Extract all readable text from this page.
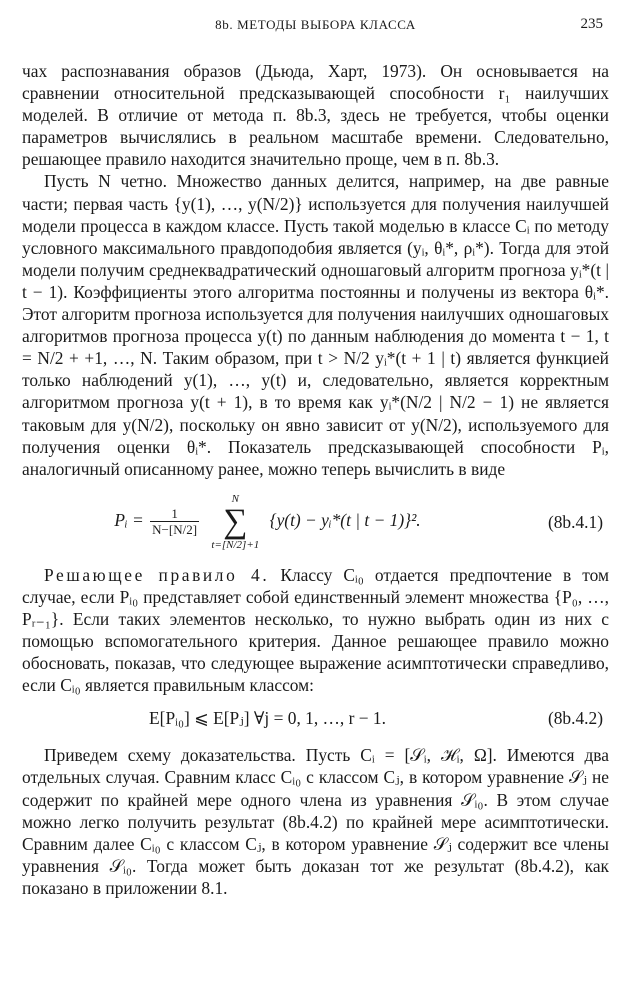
8b. МЕТОДЫ ВЫБОРА КЛАССА	235

чах распознавания образов (Дьюда, Харт, 1973). Он основывается на сравнении относительной предсказывающей способности r₁ наилучших моделей. В отличие от метода п. 8b.3, здесь не требуется, чтобы оценки параметров вычислялись в реальном масштабе времени. Следовательно, решающее правило находится значительно проще, чем в п. 8b.3.

Пусть N четно. Множество данных делится, например, на две равные части; первая часть {y(1), …, y(N/2)} используется для получения наилучшей модели процесса в каждом классе. Пусть такой моделью в классе Cᵢ по методу условного максимального правдоподобия является (yᵢ, θᵢ*, ρᵢ*). Тогда для этой модели получим среднеквадратический одношаговый алгоритм прогноза yᵢ*(t | t − 1). Коэффициенты этого алгоритма постоянны и получены из вектора θᵢ*. Этот алгоритм прогноза используется для получения наилучших одношаговых алгоритмов прогноза процесса y(t) по данным наблюдения до момента t − 1, t = N/2 + +1, …, N. Таким образом, при t > N/2 yᵢ*(t + 1 | t) является функцией только наблюдений y(1), …, y(t) и, следовательно, является корректным алгоритмом прогноза y(t + 1), в то время как yᵢ*(N/2 | N/2 − 1) не является таковым для y(N/2), поскольку он явно зависит от y(N/2), используемого для получения оценки θᵢ*. Показатель предсказывающей способности Pᵢ, аналогичный описанному ранее, можно теперь вычислить в виде

Pᵢ = $\frac{1}{N-[N/2]}$

N
∑
t=[N/2]+1
{y(t) − yᵢ*(t | t − 1)}².	(8b.4.1)

Решающее правило 4. Классу Cᵢ₀ отдается предпочтение в том случае, если Pᵢ₀ представляет собой единственный элемент множества {P₀, …, Pᵣ₋₁}. Если таких элементов несколько, то нужно выбрать один из них с помощью вспомогательного критерия. Данное решающее правило можно обосновать, показав, что следующее выражение асимптотически справедливо, если Cᵢ₀ является правильным классом:

E[Pᵢ₀] ⩽ E[Pⱼ] ∀j = 0, 1, …, r − 1.	(8b.4.2)

Приведем схему доказательства. Пусть Cᵢ = [𝒮ᵢ, ℋᵢ, Ω]. Имеются два отдельных случая. Сравним класс Cᵢ₀ с классом Cⱼ, в котором уравнение 𝒮ⱼ не содержит по крайней мере одного члена из уравнения 𝒮ᵢ₀. В этом случае можно легко получить результат (8b.4.2) по крайней мере асимптотически. Сравним далее Cᵢ₀ с классом Cⱼ, в котором уравнение 𝒮ⱼ содержит все члены уравнения 𝒮ᵢ₀. Тогда может быть доказан тот же результат (8b.4.2), как показано в приложении 8.1.
